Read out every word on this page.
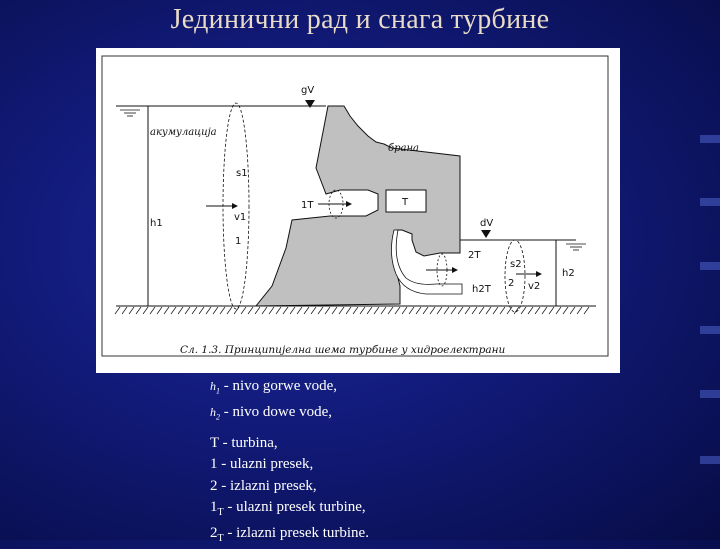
Јединични рад и снага турбине
gV
T
dV
h2
акумулација
брана
s1
v1
1
h1
1T
2T
h2T
s2
2 v2
Сл. 1.3. Принципијелна шема турбине у хидроелектрани
$h_1$ - nivo gorwe vode,
$h_2$ - nivo dowe vode,
T - turbina,
1 - ulazni presek,
2 - izlazni presek,
$1_T$ - ulazni presek turbine,
$2_T$ - izlazni presek turbine.
